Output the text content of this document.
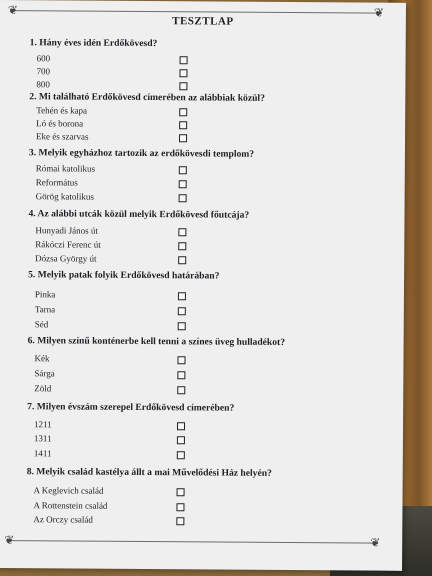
❦	❦
TESZTLAP
1. Hány éves idén Erdőkövesd?
600
700
800
2. Mi található Erdőkövesd címerében az alábbiak közül?
Tehén és kapa
Ló és borona
Eke és szarvas
3. Melyik egyházhoz tartozik az erdőkövesdi templom?
Római katolikus
Református
Görög katolikus
4. Az alábbi utcák közül melyik Erdőkövesd főutcája?
Hunyadi János út
Rákóczi Ferenc út
Dózsa György út
5. Melyik patak folyik Erdőkövesd határában?
Pinka
Tarna
Séd
6. Milyen színű konténerbe kell tenni a színes üveg hulladékot?
Kék
Sárga
Zöld
7. Milyen évszám szerepel Erdőkövesd címerében?
1211
1311
1411
8. Melyik család kastélya állt a mai Művelődési Ház helyén?
A Keglevich család
A Rottenstein család
Az Orczy család
❦	❦
